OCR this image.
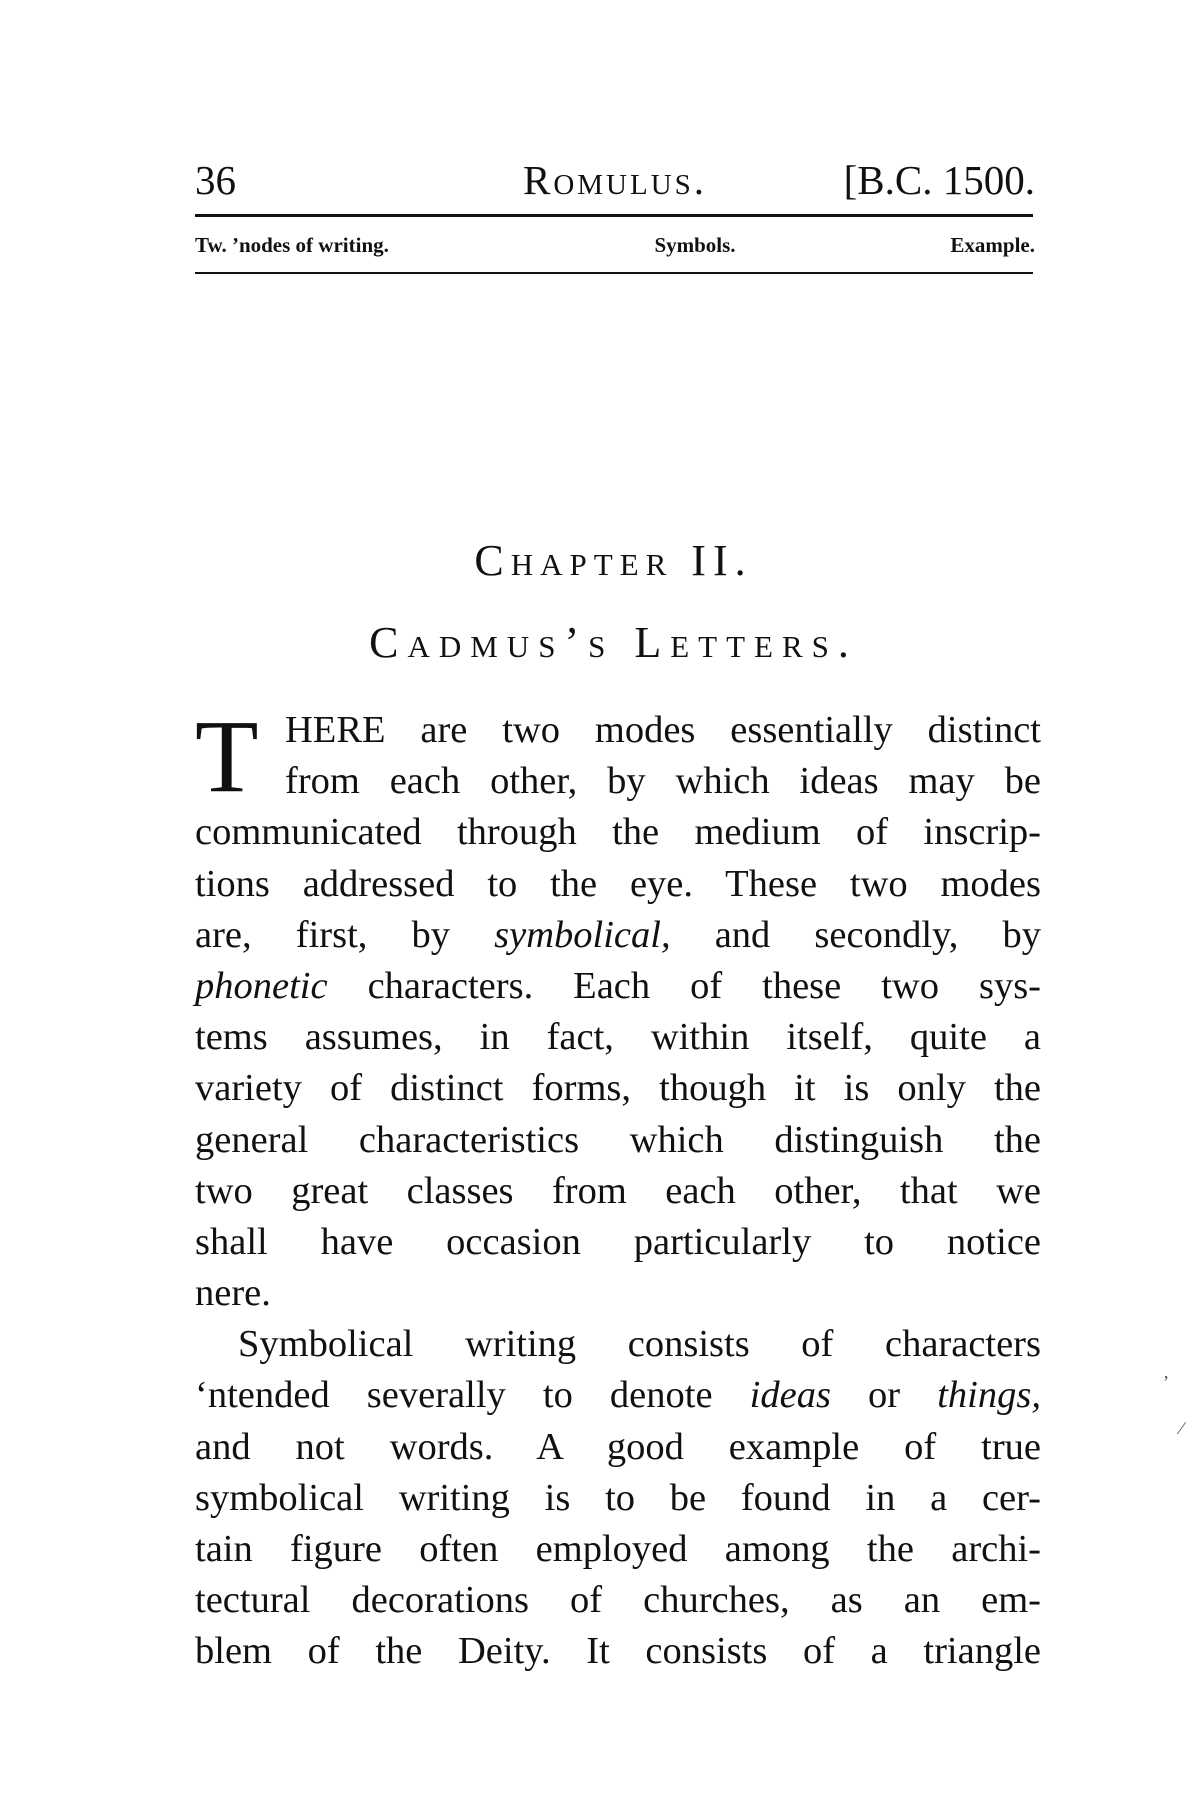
36	Romulus.	[B.C. 1500.
Tw. ’nodes of writing.	Symbols.	Example.
Chapter II.
Cadmus’s Letters.
T HERE are two modes essentially distinct
from each other, by which ideas may be
communicated through the medium of inscrip-
tions addressed to the eye. These two modes
are, first, by symbolical, and secondly, by
phonetic characters. Each of these two sys-
tems assumes, in fact, within itself, quite a
variety of distinct forms, though it is only the
general characteristics which distinguish the
two great classes from each other, that we
shall have occasion particularly to notice
nere.
Symbolical writing consists of characters
‘ntended severally to denote ideas or things,
and not words. A good example of true
symbolical writing is to be found in a cer-
tain figure often employed among the archi-
tectural decorations of churches, as an em-
blem of the Deity. It consists of a triangle
’
∕
